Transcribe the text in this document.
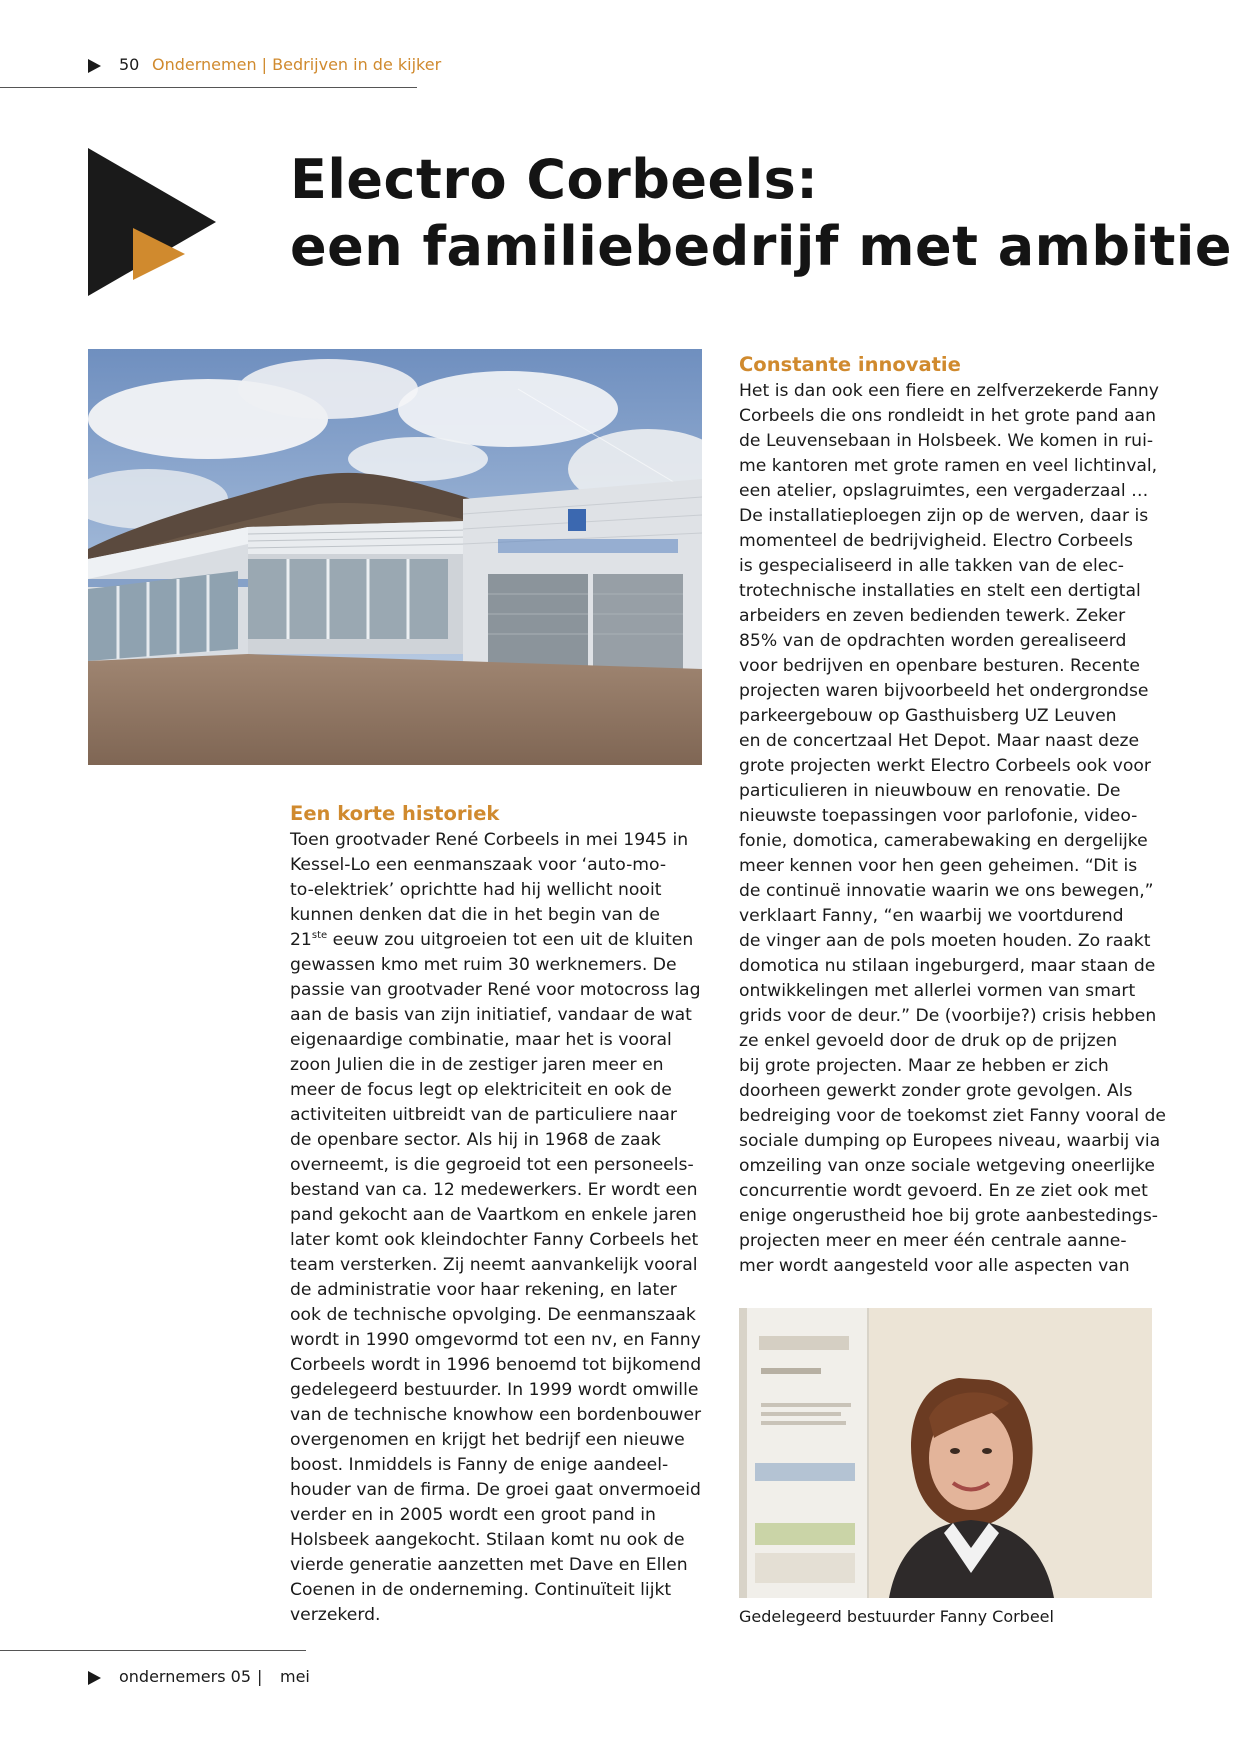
50 Ondernemen | Bedrijven in de kijker
Electro Corbeels:
een familiebedrijf met ambitie
Constante innovatie
Het is dan ook een fiere en zelfverzekerde Fanny
Corbeels die ons rondleidt in het grote pand aan
de Leuvensebaan in Holsbeek. We komen in rui-
me kantoren met grote ramen en veel lichtinval,
een atelier, opslagruimtes, een vergaderzaal …
De installatieploegen zijn op de werven, daar is
momenteel de bedrijvigheid. Electro Corbeels
is gespecialiseerd in alle takken van de elec-
trotechnische installaties en stelt een dertigtal
arbeiders en zeven bedienden tewerk. Zeker
85% van de opdrachten worden gerealiseerd
voor bedrijven en openbare besturen. Recente
projecten waren bijvoorbeeld het ondergrondse
parkeergebouw op Gasthuisberg UZ Leuven
en de concertzaal Het Depot. Maar naast deze
grote projecten werkt Electro Corbeels ook voor
particulieren in nieuwbouw en renovatie. De
nieuwste toepassingen voor parlofonie, video-
fonie, domotica, camerabewaking en dergelijke
meer kennen voor hen geen geheimen. “Dit is
de continuë innovatie waarin we ons bewegen,”
verklaart Fanny, “en waarbij we voortdurend
de vinger aan de pols moeten houden. Zo raakt
domotica nu stilaan ingeburgerd, maar staan de
ontwikkelingen met allerlei vormen van smart
grids voor de deur.” De (voorbije?) crisis hebben
ze enkel gevoeld door de druk op de prijzen
bij grote projecten. Maar ze hebben er zich
doorheen gewerkt zonder grote gevolgen. Als
bedreiging voor de toekomst ziet Fanny vooral de
sociale dumping op Europees niveau, waarbij via
omzeiling van onze sociale wetgeving oneerlijke
concurrentie wordt gevoerd. En ze ziet ook met
enige ongerustheid hoe bij grote aanbestedings-
projecten meer en meer één centrale aanne-
mer wordt aangesteld voor alle aspecten van
Een korte historiek
Toen grootvader René Corbeels in mei 1945 in
Kessel-Lo een eenmanszaak voor ‘auto-mo-
to-elektriek’ oprichtte had hij wellicht nooit
kunnen denken dat die in het begin van de
21ste eeuw zou uitgroeien tot een uit de kluiten
gewassen kmo met ruim 30 werknemers. De
passie van grootvader René voor motocross lag
aan de basis van zijn initiatief, vandaar de wat
eigenaardige combinatie, maar het is vooral
zoon Julien die in de zestiger jaren meer en
meer de focus legt op elektriciteit en ook de
activiteiten uitbreidt van de particuliere naar
de openbare sector. Als hij in 1968 de zaak
overneemt, is die gegroeid tot een personeels-
bestand van ca. 12 medewerkers. Er wordt een
pand gekocht aan de Vaartkom en enkele jaren
later komt ook kleindochter Fanny Corbeels het
team versterken. Zij neemt aanvankelijk vooral
de administratie voor haar rekening, en later
ook de technische opvolging. De eenmanszaak
wordt in 1990 omgevormd tot een nv, en Fanny
Corbeels wordt in 1996 benoemd tot bijkomend
gedelegeerd bestuurder. In 1999 wordt omwille
van de technische knowhow een bordenbouwer
overgenomen en krijgt het bedrijf een nieuwe
boost. Inmiddels is Fanny de enige aandeel-
houder van de firma. De groei gaat onvermoeid
verder en in 2005 wordt een groot pand in
Holsbeek aangekocht. Stilaan komt nu ook de
vierde generatie aanzetten met Dave en Ellen
Coenen in de onderneming. Continuïteit lijkt
verzekerd.	Gedelegeerd bestuurder Fanny Corbeel
ondernemers 05 | mei
